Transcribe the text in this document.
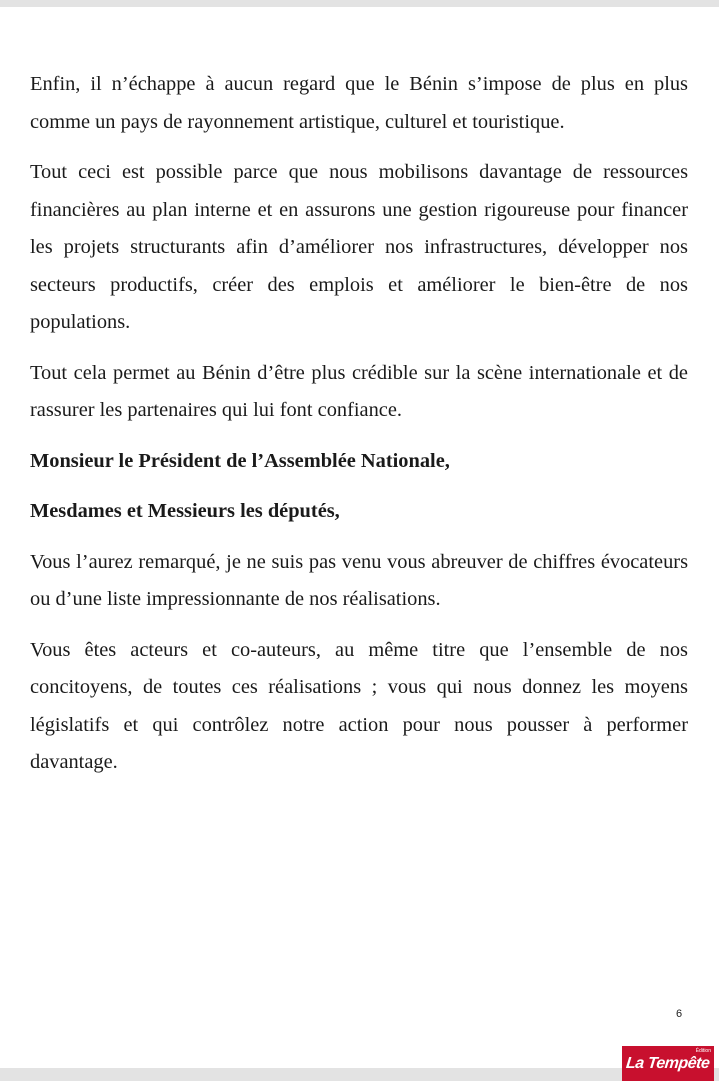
Enfin, il n’échappe à aucun regard que le Bénin s’impose de plus en plus comme un pays de rayonnement artistique, culturel et touristique.

Tout ceci est possible parce que nous mobilisons davantage de ressources financières au plan interne et en assurons une gestion rigoureuse pour financer les projets structurants afin d’améliorer nos infrastructures, développer nos secteurs productifs, créer des emplois et améliorer le bien-être de nos populations.

Tout cela permet au Bénin d’être plus crédible sur la scène internationale et de rassurer les partenaires qui lui font confiance.

Monsieur le Président de l’Assemblée Nationale,

Mesdames et Messieurs les députés,

Vous l’aurez remarqué, je ne suis pas venu vous abreuver de chiffres évocateurs ou d’une liste impressionnante de nos réalisations.

Vous êtes acteurs et co-auteurs, au même titre que l’ensemble de nos concitoyens, de toutes ces réalisations ; vous qui nous donnez les moyens législatifs et qui contrôlez notre action pour nous pousser à performer davantage.

6
Édition
La Tempête
